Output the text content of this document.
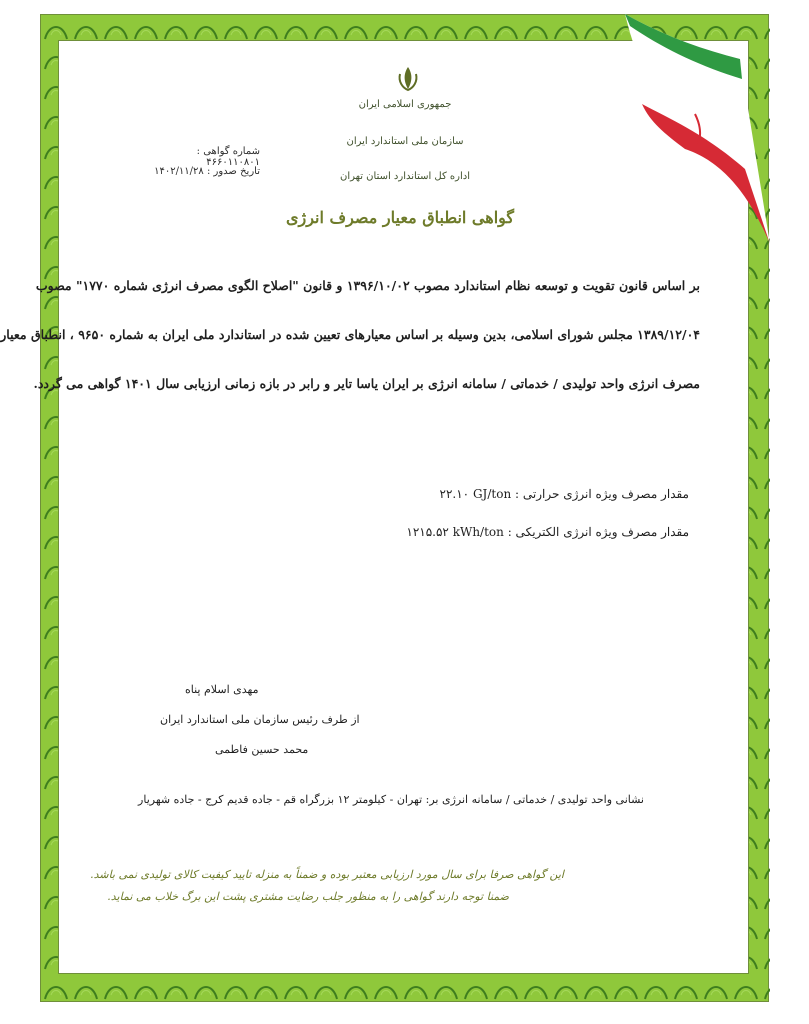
جمهوری اسلامی ایران
سازمان ملی استاندارد ایران
اداره کل استاندارد استان تهران
شماره گواهی : ۴۶۶۰۱۱۰۸۰۱
تاریخ صدور : ۱۴۰۲/۱۱/۲۸
گواهی انطباق معیار مصرف انرژی
بر اساس قانون تقویت و توسعه نظام استاندارد مصوب ۱۳۹۶/۱۰/۰۲ و قانون "اصلاح الگوی مصرف انرژی شماره ۱۷۷۰" مصوب
۱۳۸۹/۱۲/۰۴ مجلس شورای اسلامی، بدین وسیله بر اساس معیارهای تعیین شده در استاندارد ملی ایران به شماره ۹۶۵۰ ، انطباق معیار
مصرف انرژی واحد تولیدی / خدماتی / سامانه انرژی بر ایران یاسا تایر و رابر در بازه زمانی ارزیابی سال ۱۴۰۱ گواهی می گردد.
۲۲.۱۰ GJ/ton مقدار مصرف ویژه انرژی حرارتی :
۱۲۱۵.۵۲ kWh/ton مقدار مصرف ویژه انرژی الکتریکی :
مهدی اسلام پناه
از طرف رئیس سازمان ملی استاندارد ایران
محمد حسین فاطمی
نشانی واحد تولیدی / خدماتی / سامانه انرژی بر: تهران - کیلومتر ۱۲ بزرگراه قم - جاده قدیم کرج - جاده شهریار
این گواهی صرفا برای سال مورد ارزیابی معتبر بوده و ضمناً به منزله تایید کیفیت کالای تولیدی نمی باشد.
ضمنا توجه دارند گواهی را به منظور جلب رضایت مشتری پشت این برگ خلاب می نماید.
